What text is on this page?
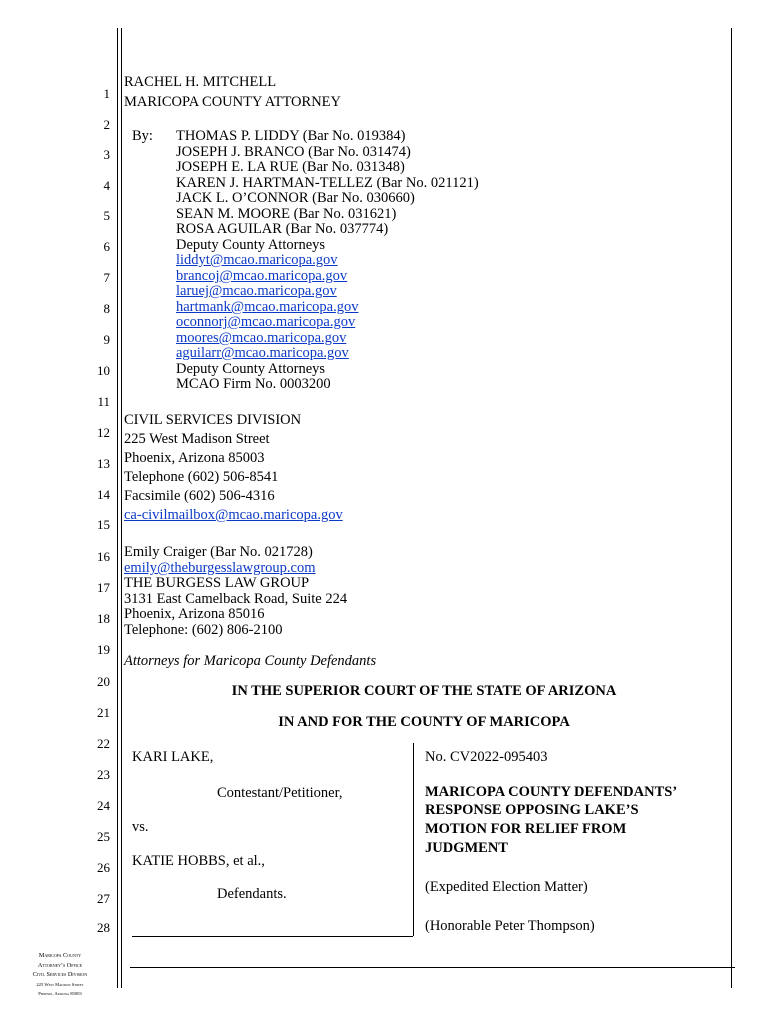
1
2
3
4
5
6
7
8
9
10
11
12
13
14
15
16
17
18
19
20
21
22
23
24
25
26
27
28
RACHEL H. MITCHELL
MARICOPA COUNTY ATTORNEY
By: THOMAS P. LIDDY (Bar No. 019384)
JOSEPH J. BRANCO (Bar No. 031474)
JOSEPH E. LA RUE (Bar No. 031348)
KAREN J. HARTMAN-TELLEZ (Bar No. 021121)
JACK L. O’CONNOR (Bar No. 030660)
SEAN M. MOORE (Bar No. 031621)
ROSA AGUILAR (Bar No. 037774)
Deputy County Attorneys
liddyt@mcao.maricopa.gov
brancoj@mcao.maricopa.gov
laruej@mcao.maricopa.gov
hartmank@mcao.maricopa.gov
oconnorj@mcao.maricopa.gov
moores@mcao.maricopa.gov
aguilarr@mcao.maricopa.gov
Deputy County Attorneys
MCAO Firm No. 0003200
CIVIL SERVICES DIVISION
225 West Madison Street
Phoenix, Arizona 85003
Telephone (602) 506-8541
Facsimile (602) 506-4316
ca-civilmailbox@mcao.maricopa.gov
Emily Craiger (Bar No. 021728)
emily@theburgesslawgroup.com
THE BURGESS LAW GROUP
3131 East Camelback Road, Suite 224
Phoenix, Arizona 85016
Telephone: (602) 806-2100
Attorneys for Maricopa County Defendants
IN THE SUPERIOR COURT OF THE STATE OF ARIZONA
IN AND FOR THE COUNTY OF MARICOPA
KARI LAKE,
Contestant/Petitioner,
vs.
KATIE HOBBS, et al.,
Defendants.
No. CV2022-095403
MARICOPA COUNTY DEFENDANTS’
RESPONSE OPPOSING LAKE’S
MOTION FOR RELIEF FROM
JUDGMENT
(Expedited Election Matter)
(Honorable Peter Thompson)
Maricopa County
Attorney’s Office
Civil Services Division
225 West Madison Street
Phoenix, Arizona 85003
